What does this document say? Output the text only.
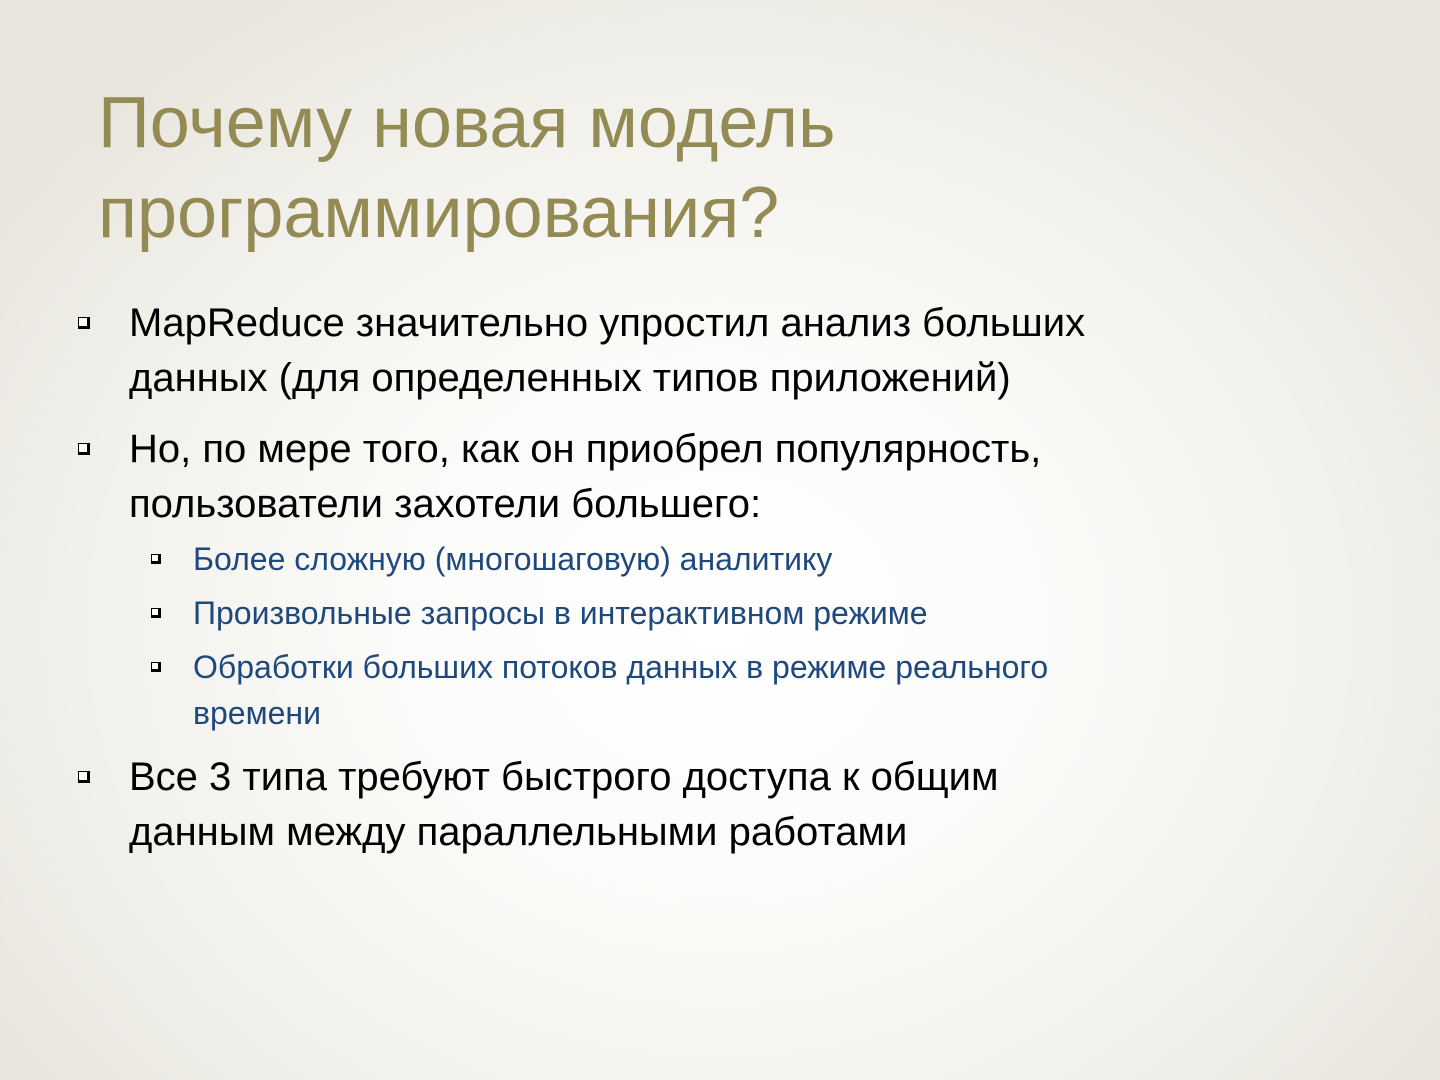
Почему новая модель
программирования?
MapReduce значительно упростил анализ больших
данных (для определенных типов приложений)
Но, по мере того, как он приобрел популярность,
пользователи захотели большего:
Более сложную (многошаговую) аналитику
Произвольные запросы в интерактивном режиме
Обработки больших потоков данных в режиме реального
времени
Все 3 типа требуют быстрого доступа к общим
данным между параллельными работами
